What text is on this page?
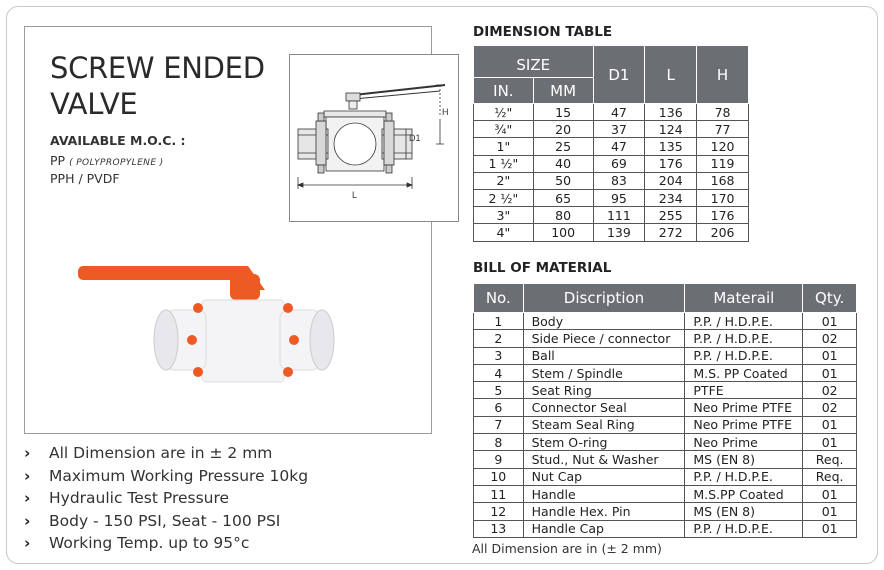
SCREW ENDED
VALVE
AVAILABLE M.O.C. :
PP ( POLYPROPYLENE )
PPH / PVDF
H
D1
L
› All Dimension are in ± 2 mm
› Maximum Working Pressure 10kg
› Hydraulic Test Pressure
› Body - 150 PSI, Seat - 100 PSI
› Working Temp. up to 95°c
DIMENSION TABLE
SIZE		D1	L	H
IN.	MM			
½"	15	47	136	78
¾"	20	37	124	77
1"	25	47	135	120
1 ½"	40	69	176	119
2"	50	83	204	168
2 ½"	65	95	234	170
3"	80	111	255	176
4"	100	139	272	206
BILL OF MATERIAL
No.	Discription	Materail	Qty.
1	Body	P.P. / H.D.P.E.	01
2	Side Piece / connector	P.P. / H.D.P.E.	02
3	Ball	P.P. / H.D.P.E.	01
4	Stem / Spindle	M.S. PP Coated	01
5	Seat Ring	PTFE	02
6	Connector Seal	Neo Prime PTFE	02
7	Steam Seal Ring	Neo Prime PTFE	01
8	Stem O-ring	Neo Prime	01
9	Stud., Nut & Washer	MS (EN 8)	Req.
10	Nut Cap	P.P. / H.D.P.E.	Req.
11	Handle	M.S.PP Coated	01
12	Handle Hex. Pin	MS (EN 8)	01
13	Handle Cap	P.P. / H.D.P.E.	01
All Dimension are in (± 2 mm)
